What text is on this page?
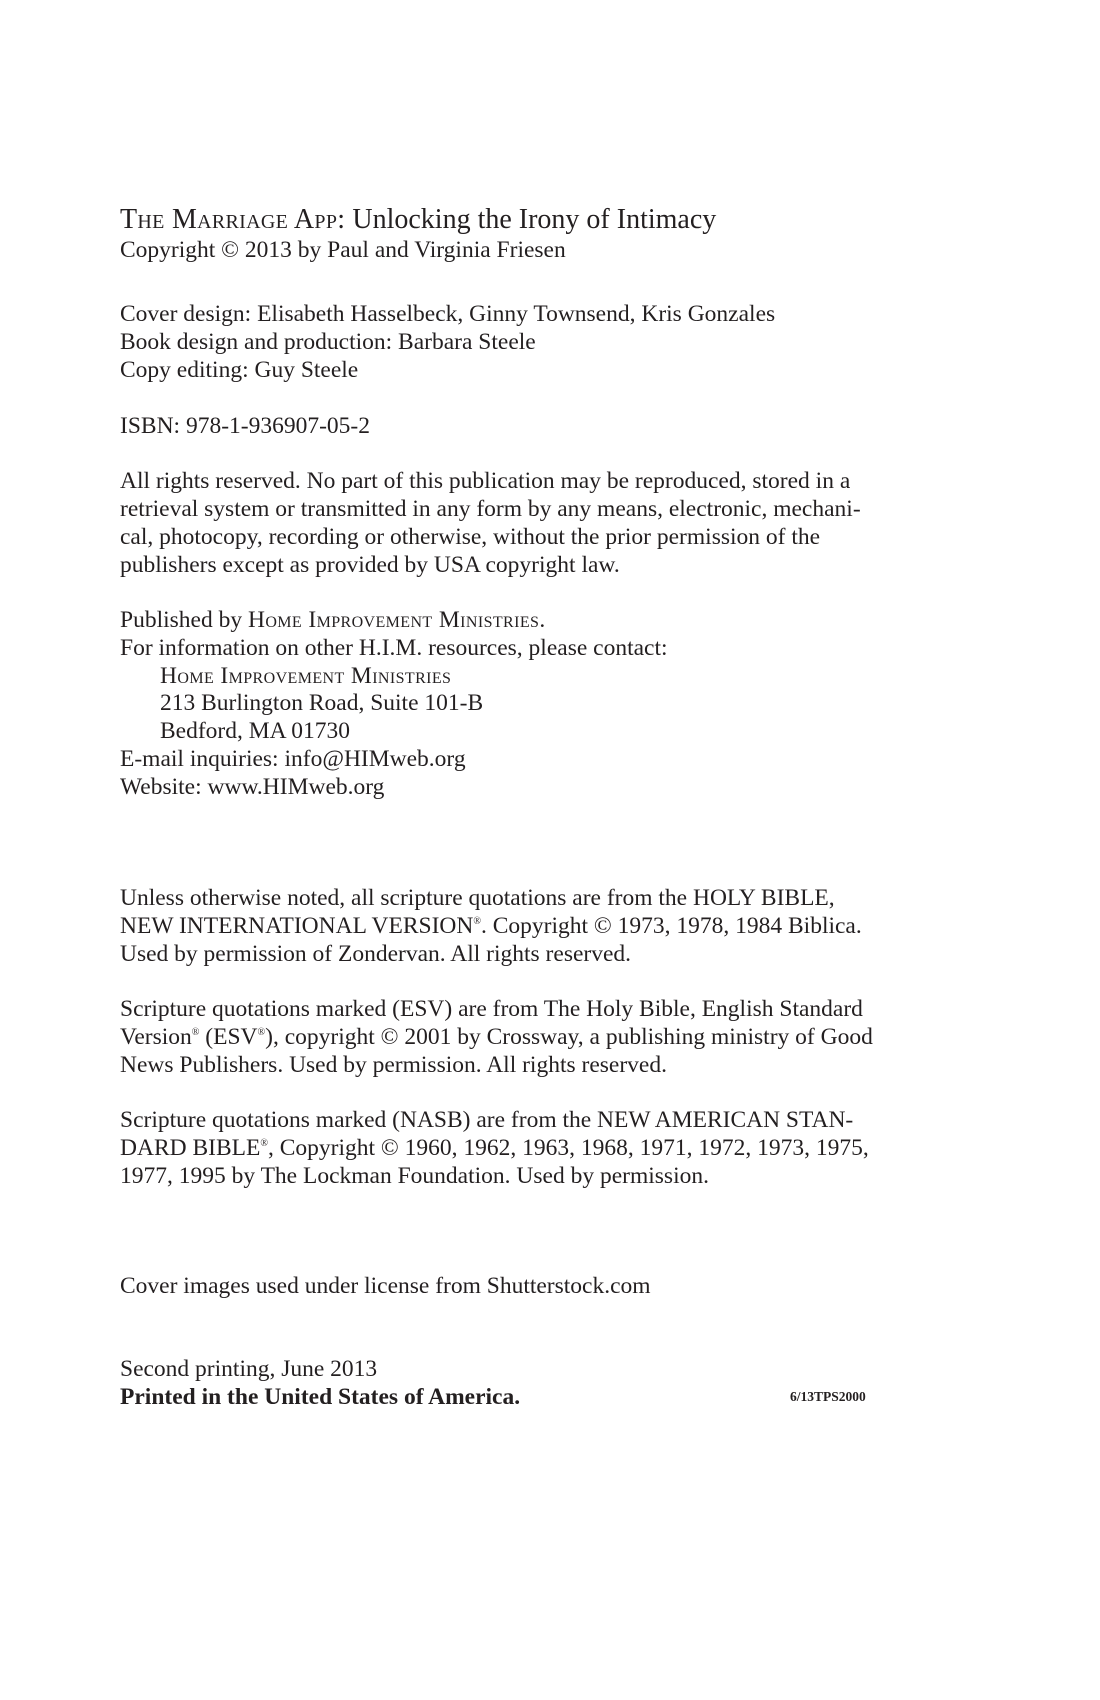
The Marriage App: Unlocking the Irony of Intimacy
Copyright © 2013 by Paul and Virginia Friesen
Cover design: Elisabeth Hasselbeck, Ginny Townsend, Kris Gonzales
Book design and production: Barbara Steele
Copy editing: Guy Steele
ISBN: 978-1-936907-05-2
All rights reserved. No part of this publication may be reproduced, stored in a
retrieval system or transmitted in any form by any means, electronic, mechani-
cal, photocopy, recording or otherwise, without the prior permission of the
publishers except as provided by USA copyright law.
Published by Home Improvement Ministries.
For information on other H.I.M. resources, please contact:
Home Improvement Ministries
213 Burlington Road, Suite 101-B
Bedford, MA 01730
E-mail inquiries: info@HIMweb.org
Website: www.HIMweb.org
Unless otherwise noted, all scripture quotations are from the HOLY BIBLE,
NEW INTERNATIONAL VERSION®. Copyright © 1973, 1978, 1984 Biblica.
Used by permission of Zondervan. All rights reserved.
Scripture quotations marked (ESV) are from The Holy Bible, English Standard
Version® (ESV®), copyright © 2001 by Crossway, a publishing ministry of Good
News Publishers. Used by permission. All rights reserved.
Scripture quotations marked (NASB) are from the NEW AMERICAN STAN-
DARD BIBLE®, Copyright © 1960, 1962, 1963, 1968, 1971, 1972, 1973, 1975,
1977, 1995 by The Lockman Foundation. Used by permission.
Cover images used under license from Shutterstock.com
Second printing, June 2013
Printed in the United States of America.	6/13TPS2000
